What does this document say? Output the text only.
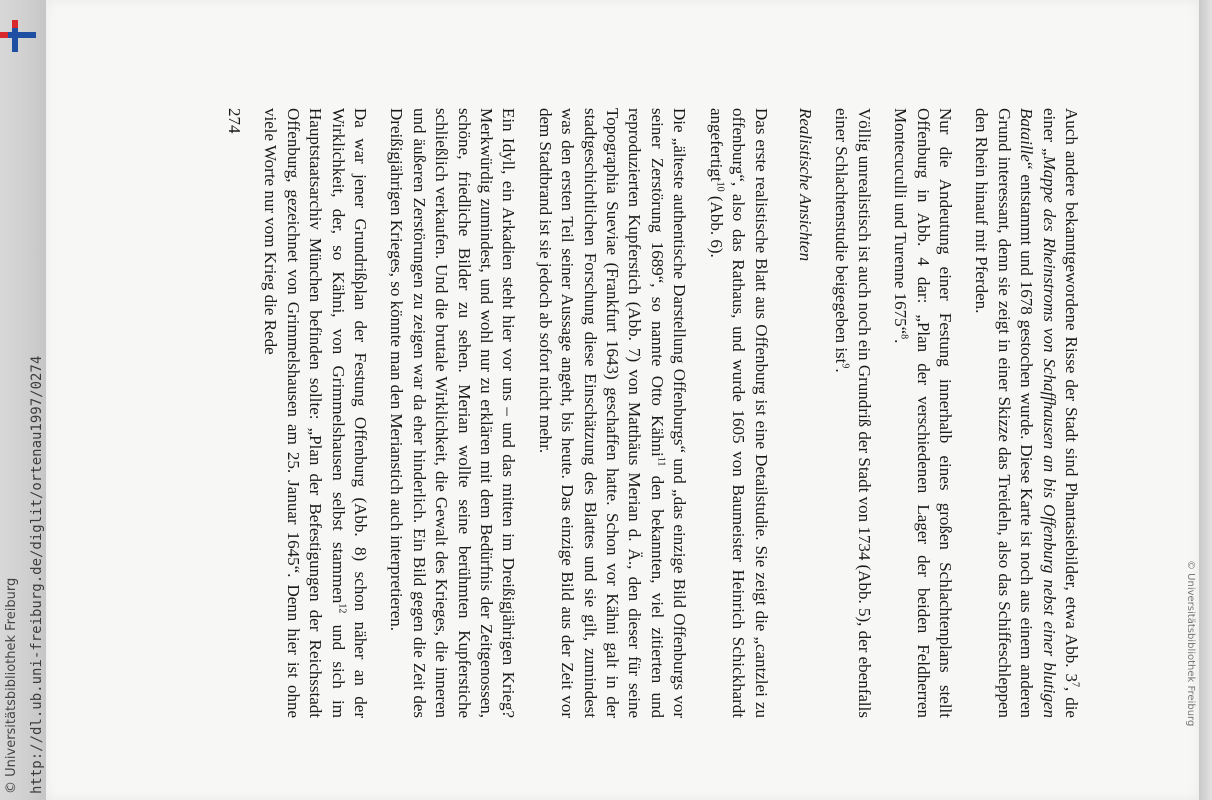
© Universitätsbibliothek Freiburg http://dl.ub.uni-freiburg.de/diglit/ortenau1997/0274	© Universitätsbibliothek Freiburg

Auch andere bekanntgewordene Risse der Stadt sind Phantasiebilder, etwa Abb. $3^7$, die einer „Mappe des Rheinstroms von Schaffhausen an bis Offenburg nebst einer blutigen Bataille“ entstammt und 1678 gestochen wurde. Diese Karte ist noch aus einem anderen Grund interessant, denn sie zeigt in einer Skizze das Treideln, also das Schiffeschleppen den Rhein hinauf mit Pferden.

Nur die Andeutung einer Festung innerhalb eines großen Schlachtenplans stellt Offenburg in Abb. 4 dar: „Plan der verschiedenen Lager der beiden Feldherren Montecuculli und Turenne 1675“$^8$.

Völlig unrealistisch ist auch noch ein Grundriß der Stadt von 1734 (Abb. 5), der ebenfalls einer Schlachtenstudie beigegeben ist$^9$.

Realistische Ansichten

Das erste realistische Blatt aus Offenburg ist eine Detailstudie. Sie zeigt die „cantzlei zu offenburg“, also das Rathaus, und wurde 1605 von Baumeister Heinrich Schickhardt angefertigt$^{10}$ (Abb. 6).

Die „älteste authentische Darstellung Offenburgs“ und „das einzige Bild Offenburgs vor seiner Zerstörung 1689“, so nannte Otto Kähni$^{11}$ den bekannten, viel zitierten und reproduzierten Kupferstich (Abb. 7) von Matthäus Merian d. Ä., den dieser für seine Topographia Sueviae (Frankfurt 1643) geschaffen hatte. Schon vor Kähni galt in der stadtgeschichtlichen Forschung diese Einschätzung des Blattes und sie gilt, zumindest was den ersten Teil seiner Aussage angeht, bis heute. Das einzige Bild aus der Zeit vor dem Stadtbrand ist sie jedoch ab sofort nicht mehr.

Ein Idyll, ein Arkadien steht hier vor uns – und das mitten im Dreißigjährigen Krieg? Merkwürdig zumindest, und wohl nur zu erklären mit dem Bedürfnis der Zeitgenossen, schöne, friedliche Bilder zu sehen. Merian wollte seine berühmten Kupferstiche schließlich verkaufen. Und die brutale Wirklichkeit, die Gewalt des Krieges, die inneren und äußeren Zerstörungen zu zeigen war da eher hinderlich. Ein Bild gegen die Zeit des Dreißigjährigen Krieges, so könnte man den Merianstich auch interpretieren.

Da war jener Grundrißplan der Festung Offenburg (Abb. 8) schon näher an der Wirklichkeit, der, so Kähni, von Grimmelshausen selbst stammen$^{12}$ und sich im Hauptstaatsarchiv München befinden sollte: „Plan der Befestigungen der Reichsstadt Offenburg, gezeichnet von Grimmelshausen am 25. Januar 1645“. Denn hier ist ohne viele Worte nur vom Krieg die Rede

274
